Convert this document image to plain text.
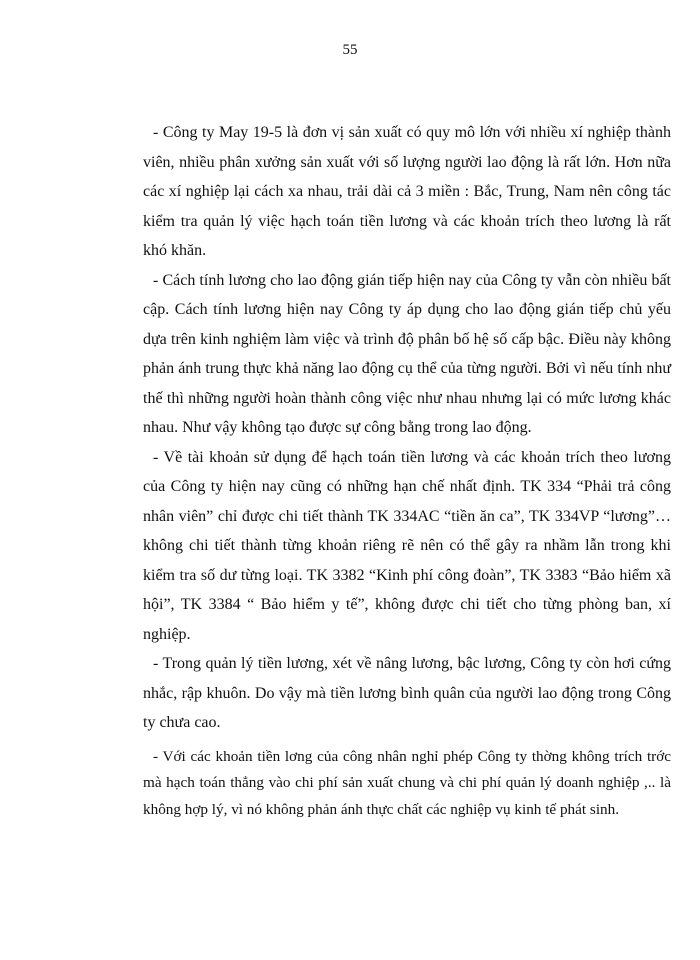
55

- Công ty May 19-5 là đơn vị sản xuất có quy mô lớn với nhiều xí nghiệp thành viên, nhiều phân xưởng sản xuất với số lượng người lao động là rất lớn. Hơn nữa các xí nghiệp lại cách xa nhau, trải dài cả 3 miền : Bắc, Trung, Nam nên công tác kiểm tra quản lý việc hạch toán tiền lương và các khoản trích theo lương là rất khó khăn.

- Cách tính lương cho lao động gián tiếp hiện nay của Công ty vẫn còn nhiều bất cập. Cách tính lương hiện nay Công ty áp dụng cho lao động gián tiếp chủ yếu dựa trên kinh nghiệm làm việc và trình độ phân bố hệ số cấp bậc. Điều này không phản ánh trung thực khả năng lao động cụ thể của từng người. Bởi vì nếu tính như thế thì những người hoàn thành công việc như nhau nhưng lại có mức lương khác nhau. Như vậy không tạo được sự công bằng trong lao động.

- Về tài khoản sử dụng để hạch toán tiền lương và các khoản trích theo lương của Công ty hiện nay cũng có những hạn chế nhất định. TK 334 “Phải trả công nhân viên” chỉ được chi tiết thành TK 334AC “tiền ăn ca”, TK 334VP “lương”… không chi tiết thành từng khoản riêng rẽ nên có thể gây ra nhầm lẫn trong khi kiểm tra số dư từng loại. TK 3382 “Kinh phí công đoàn”, TK 3383 “Bảo hiểm xã hội”, TK 3384 “ Bảo hiểm y tế”, không được chi tiết cho từng phòng ban, xí nghiệp.

- Trong quản lý tiền lương, xét về nâng lương, bậc lương, Công ty còn hơi cứng nhắc, rập khuôn. Do vậy mà tiền lương bình quân của người lao động trong Công ty chưa cao.

- Với các khoản tiền lơng của công nhân nghỉ phép Công ty thờng không trích trớc mà hạch toán thẳng vào chi phí sản xuất chung và chi phí quản lý doanh nghiệp ,.. là không hợp lý, vì nó không phản ánh thực chất các nghiệp vụ kinh tế phát sinh.
